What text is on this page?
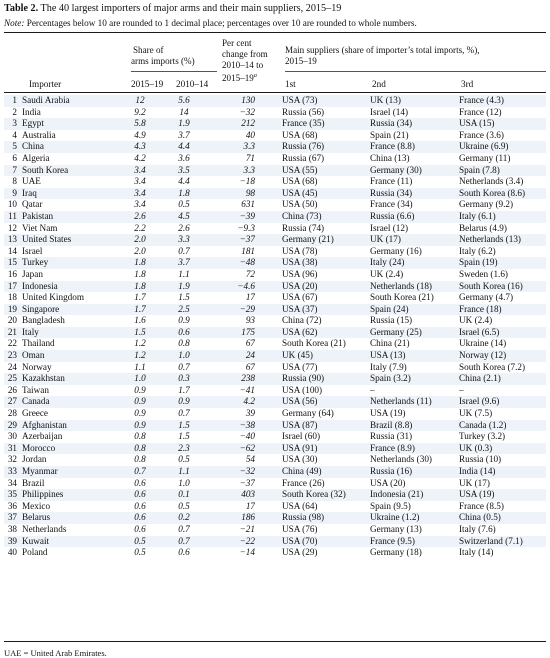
Table 2. The 40 largest importers of major arms and their main suppliers, 2015–19
Note: Percentages below 10 are rounded to 1 decimal place; percentages over 10 are rounded to whole numbers.
Share of
arms imports (%)
Per cent
change from
2010–14 to
2015–19$^a$
Main suppliers (share of importer’s total imports, %),
2015–19
Importer	2015–19 2010–14	1st	2nd	3rd
1	Saudi Arabia	12	5.6	130		USA (73)	UK (13)	France (4.3)
2	India	9.2	14	−32		Russia (56)	Israel (14)	France (12)
3	Egypt	5.8	1.9	212		France (35)	Russia (34)	USA (15)
4	Australia	4.9	3.7	40		USA (68)	Spain (21)	France (3.6)
5	China	4.3	4.4	3.3		Russia (76)	France (8.8)	Ukraine (6.9)
6	Algeria	4.2	3.6	71		Russia (67)	China (13)	Germany (11)
7	South Korea	3.4	3.5	3.3		USA (55)	Germany (30)	Spain (7.8)
8	UAE	3.4	4.4	−18		USA (68)	France (11)	Netherlands (3.4)
9	Iraq	3.4	1.8	98		USA (45)	Russia (34)	South Korea (8.6)
10	Qatar	3.4	0.5	631		USA (50)	France (34)	Germany (9.2)
11	Pakistan	2.6	4.5	−39		China (73)	Russia (6.6)	Italy (6.1)
12	Viet Nam	2.2	2.6	−9.3		Russia (74)	Israel (12)	Belarus (4.9)
13	United States	2.0	3.3	−37		Germany (21)	UK (17)	Netherlands (13)
14	Israel	2.0	0.7	181		USA (78)	Germany (16)	Italy (6.2)
15	Turkey	1.8	3.7	−48		USA (38)	Italy (24)	Spain (19)
16	Japan	1.8	1.1	72		USA (96)	UK (2.4)	Sweden (1.6)
17	Indonesia	1.8	1.9	−4.6		USA (20)	Netherlands (18)	South Korea (16)
18	United Kingdom	1.7	1.5	17		USA (67)	South Korea (21)	Germany (4.7)
19	Singapore	1.7	2.5	−29		USA (37)	Spain (24)	France (18)
20	Bangladesh	1.6	0.9	93		China (72)	Russia (15)	UK (2.4)
21	Italy	1.5	0.6	175		USA (62)	Germany (25)	Israel (6.5)
22	Thailand	1.2	0.8	67		South Korea (21)	China (21)	Ukraine (14)
23	Oman	1.2	1.0	24		UK (45)	USA (13)	Norway (12)
24	Norway	1.1	0.7	67		USA (77)	Italy (7.9)	South Korea (7.2)
25	Kazakhstan	1.0	0.3	238		Russia (90)	Spain (3.2)	China (2.1)
26	Taiwan	0.9	1.7	−41		USA (100)	–	–
27	Canada	0.9	0.9	4.2		USA (56)	Netherlands (11)	Israel (9.6)
28	Greece	0.9	0.7	39		Germany (64)	USA (19)	UK (7.5)
29	Afghanistan	0.9	1.5	−38		USA (87)	Brazil (8.8)	Canada (1.2)
30	Azerbaijan	0.8	1.5	−40		Israel (60)	Russia (31)	Turkey (3.2)
31	Morocco	0.8	2.3	−62		USA (91)	France (8.9)	UK (0.3)
32	Jordan	0.8	0.5	54		USA (30)	Netherlands (30)	Russia (10)
33	Myanmar	0.7	1.1	−32		China (49)	Russia (16)	India (14)
34	Brazil	0.6	1.0	−37		France (26)	USA (20)	UK (17)
35	Philippines	0.6	0.1	403		South Korea (32)	Indonesia (21)	USA (19)
36	Mexico	0.6	0.5	17		USA (64)	Spain (9.5)	France (8.5)
37	Belarus	0.6	0.2	186		Russia (98)	Ukraine (1.2)	China (0.5)
38	Netherlands	0.6	0.7	−21		USA (76)	Germany (13)	Italy (7.6)
39	Kuwait	0.5	0.7	−22		USA (70)	France (9.5)	Switzerland (7.1)
40	Poland	0.5	0.6	−14		USA (29)	Germany (18)	Italy (14)
UAE = United Arab Emirates.
